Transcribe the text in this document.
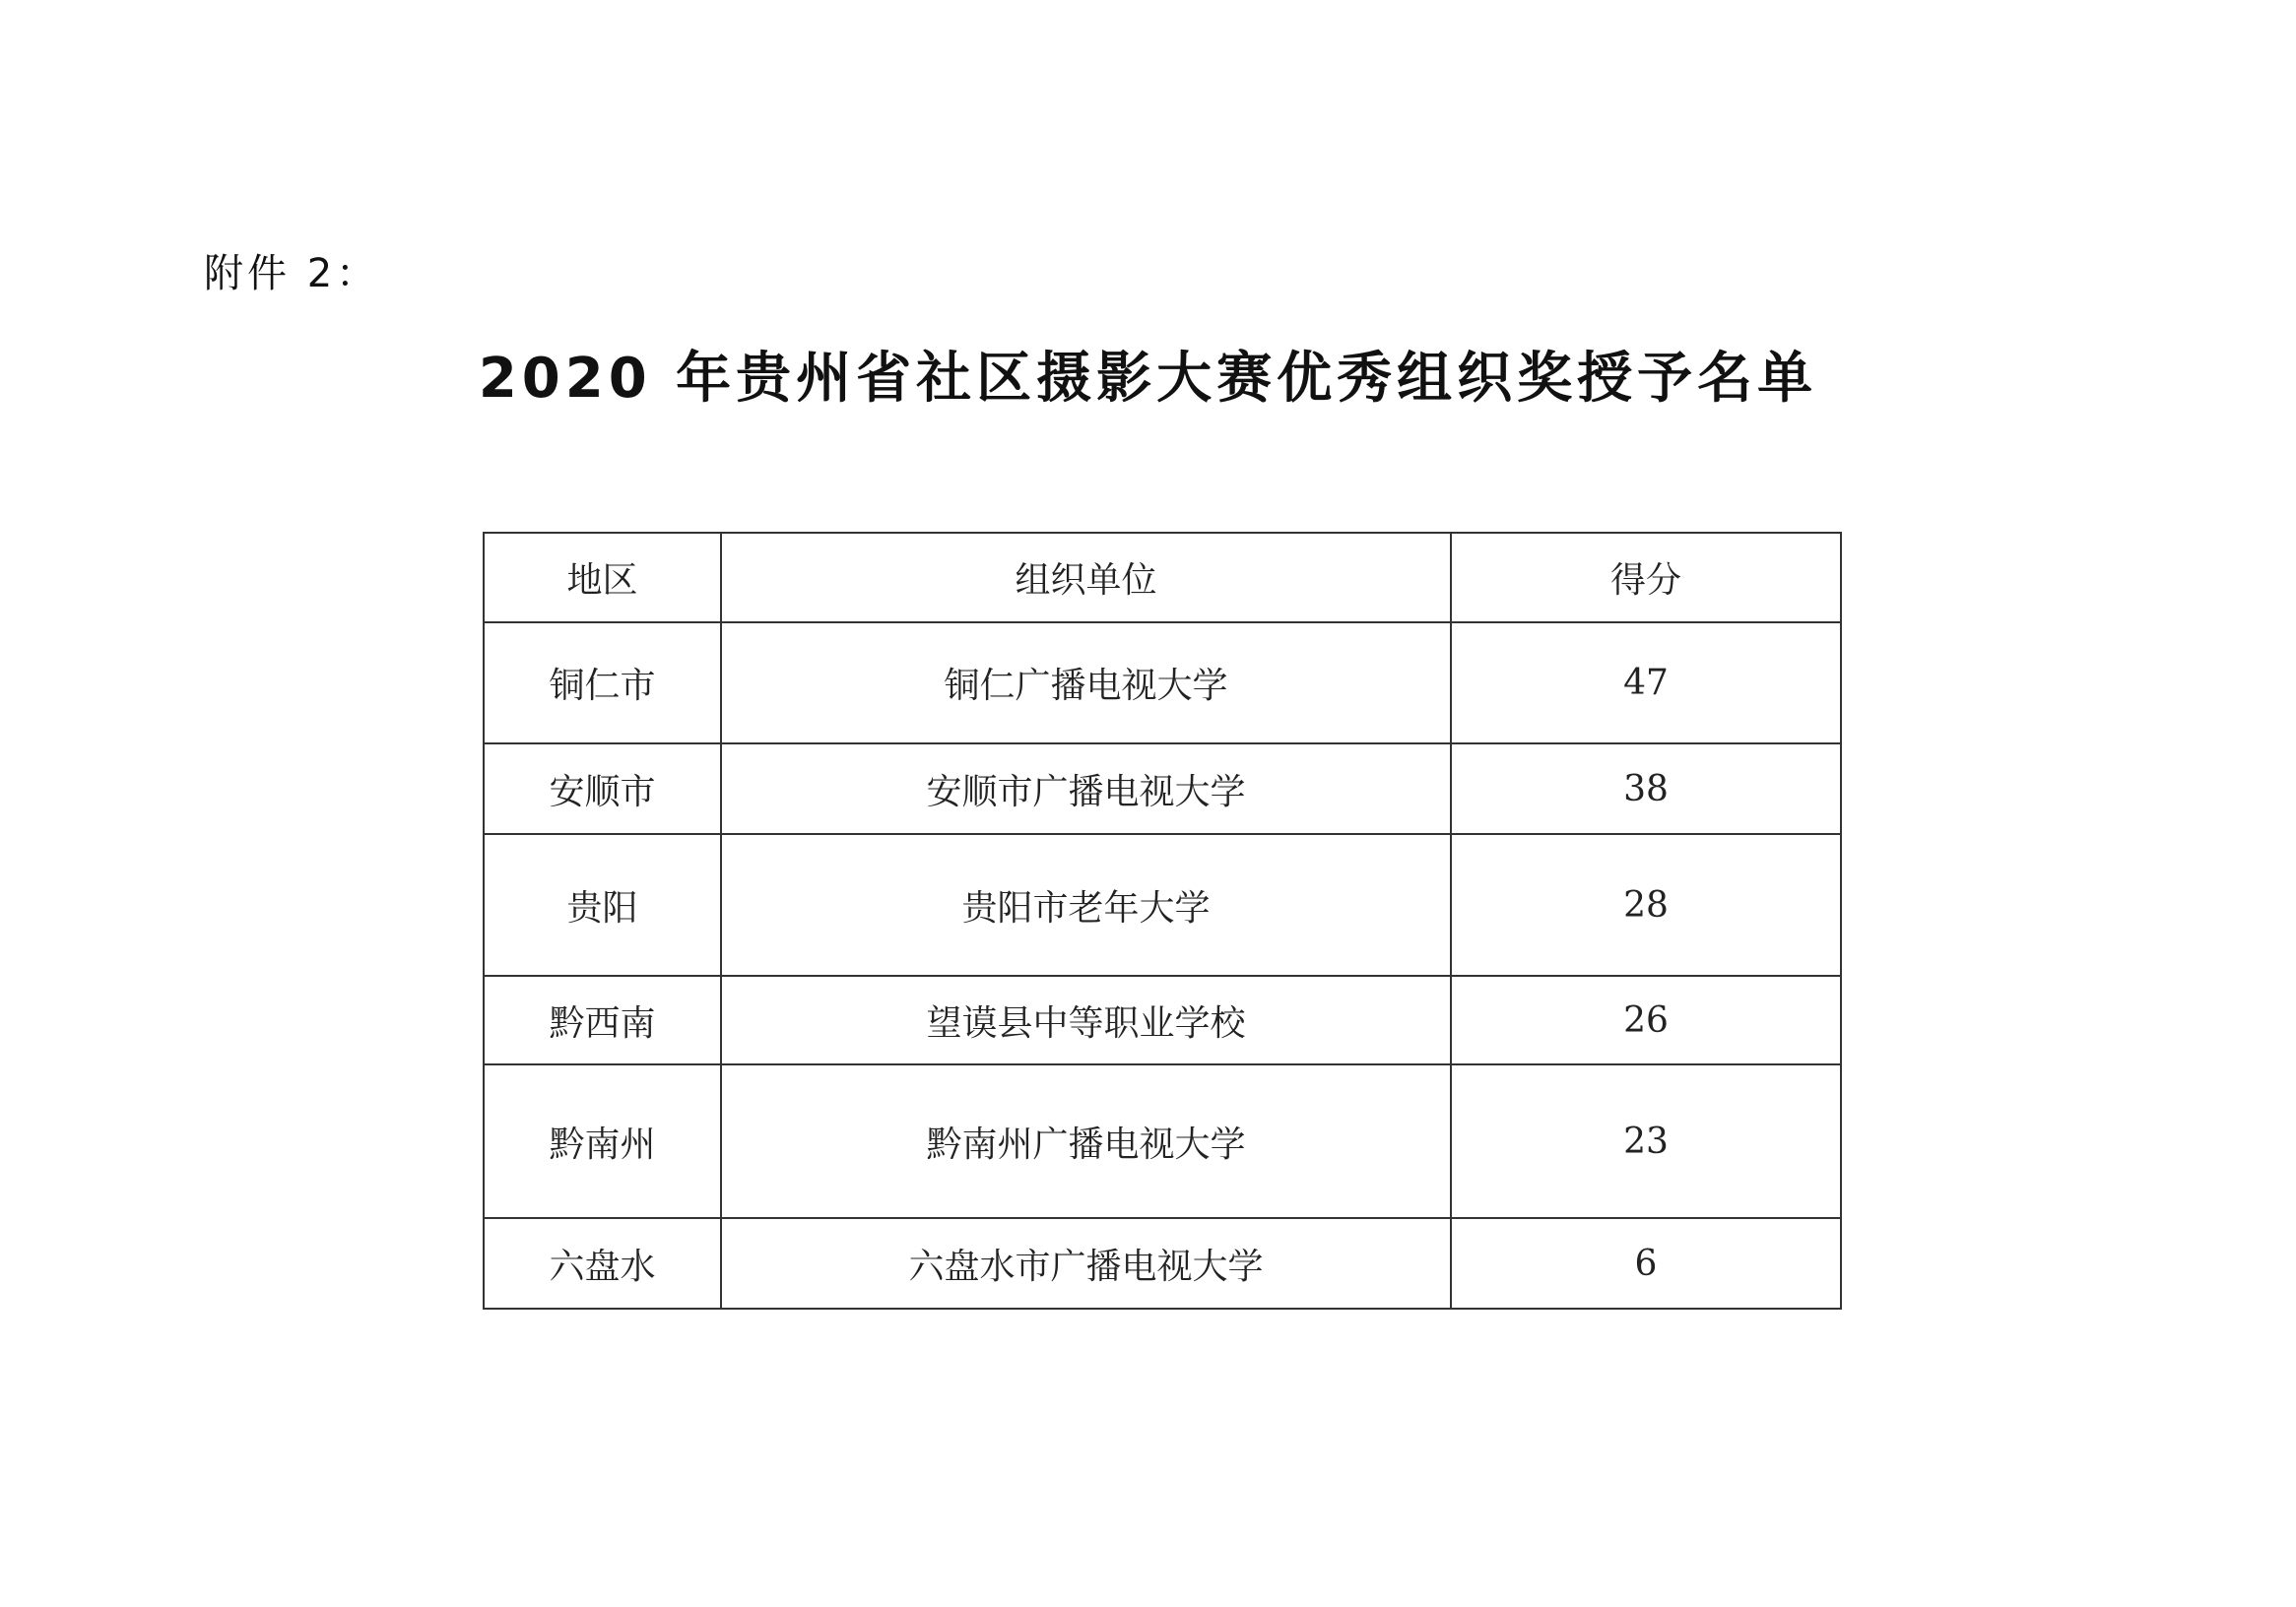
附件 2：
2020 年贵州省社区摄影大赛优秀组织奖授予名单
地区	组织单位	得分
铜仁市	铜仁广播电视大学	47
安顺市	安顺市广播电视大学	38
贵阳	贵阳市老年大学	28
黔西南	望谟县中等职业学校	26
黔南州	黔南州广播电视大学	23
六盘水	六盘水市广播电视大学	6
